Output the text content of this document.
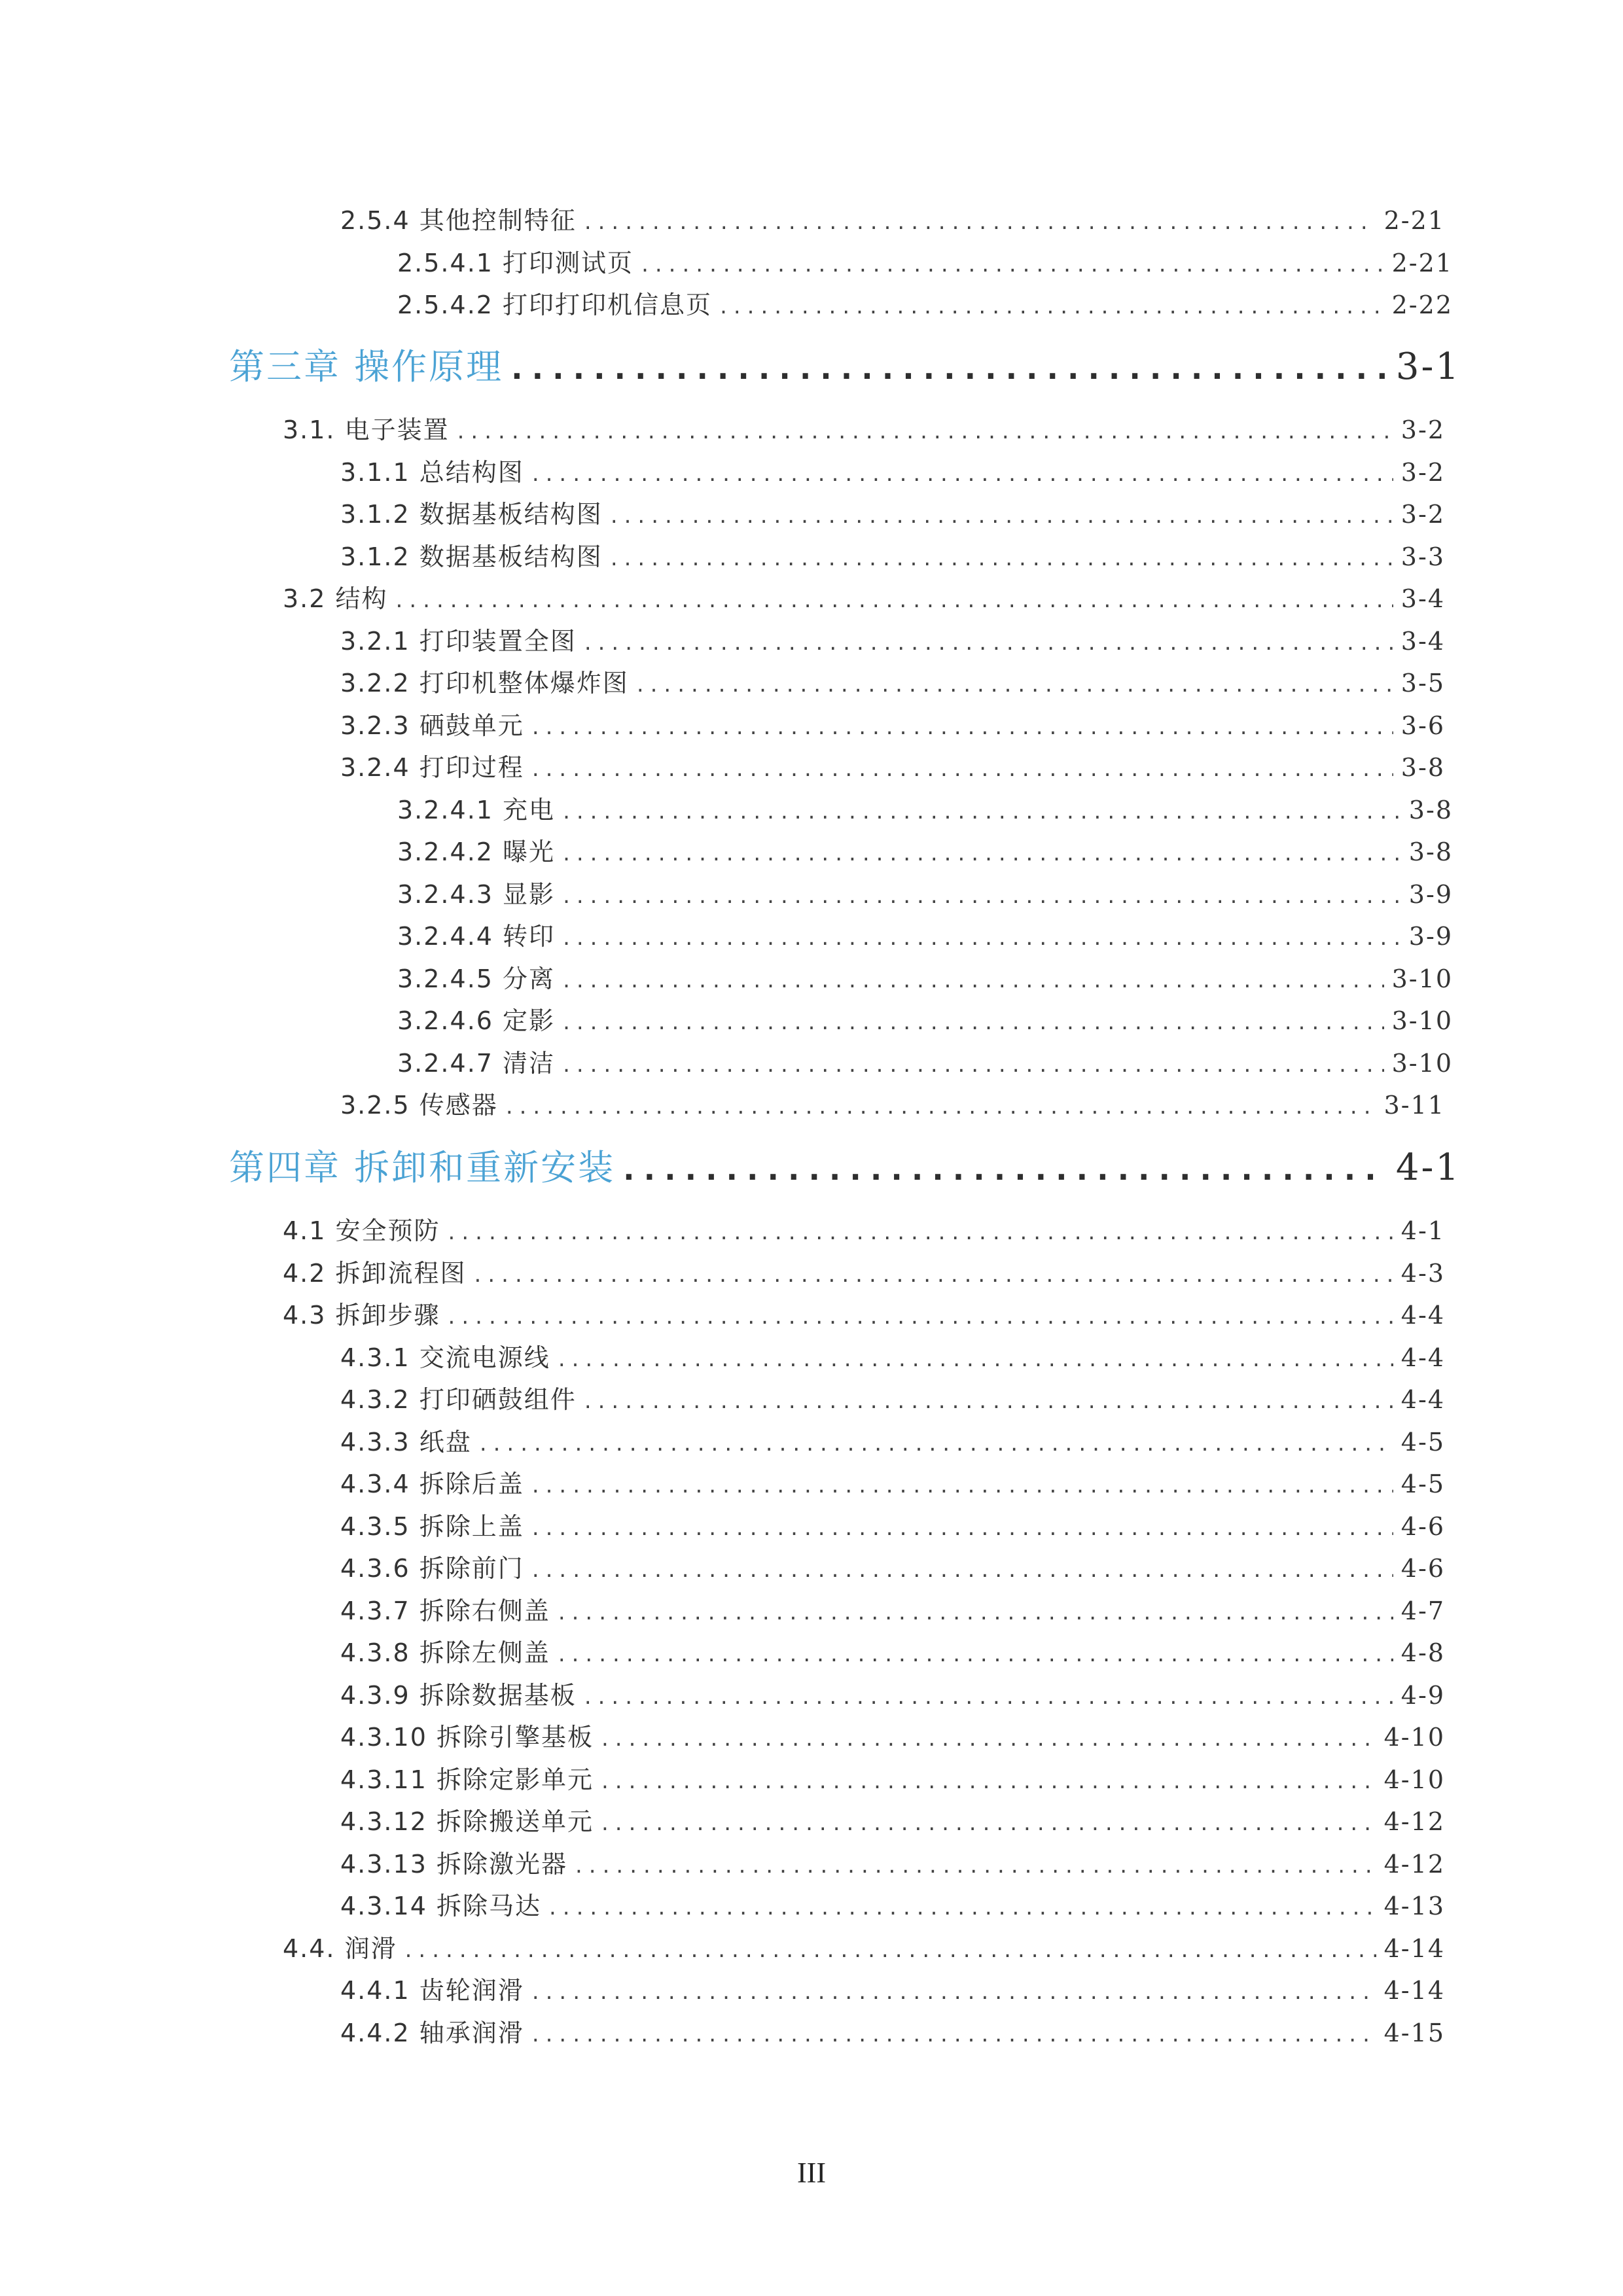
2.5.4 其他控制特征 .....	2-21
2.5.4.1 打印测试页 .....	2-21
2.5.4.2 打印打印机信息页 .....	2-22
第三章 操作原理 .....	3-1
3.1. 电子装置 .....	3-2
3.1.1 总结构图 .....	3-2
3.1.2 数据基板结构图 .....	3-2
3.1.2 数据基板结构图 .....	3-3
3.2 结构 .....	3-4
3.2.1 打印装置全图 .....	3-4
3.2.2 打印机整体爆炸图 .....	3-5
3.2.3 硒鼓单元 .....	3-6
3.2.4 打印过程 .....	3-8
3.2.4.1 充电 .....	3-8
3.2.4.2 曝光 .....	3-8
3.2.4.3 显影 .....	3-9
3.2.4.4 转印 .....	3-9
3.2.4.5 分离 .....	3-10
3.2.4.6 定影 .....	3-10
3.2.4.7 清洁 .....	3-10
3.2.5 传感器 .....	3-11
第四章 拆卸和重新安装 .....	4-1
4.1 安全预防 .....	4-1
4.2 拆卸流程图 .....	4-3
4.3 拆卸步骤 .....	4-4
4.3.1 交流电源线 .....	4-4
4.3.2 打印硒鼓组件 .....	4-4
4.3.3 纸盘 .....	4-5
4.3.4 拆除后盖 .....	4-5
4.3.5 拆除上盖 .....	4-6
4.3.6 拆除前门 .....	4-6
4.3.7 拆除右侧盖 .....	4-7
4.3.8 拆除左侧盖 .....	4-8
4.3.9 拆除数据基板 .....	4-9
4.3.10 拆除引擎基板 .....	4-10
4.3.11 拆除定影单元 .....	4-10
4.3.12 拆除搬送单元 .....	4-12
4.3.13 拆除激光器 .....	4-12
4.3.14 拆除马达 .....	4-13
4.4. 润滑 .....	4-14
4.4.1 齿轮润滑 .....	4-14
4.4.2 轴承润滑 .....	4-15
III
